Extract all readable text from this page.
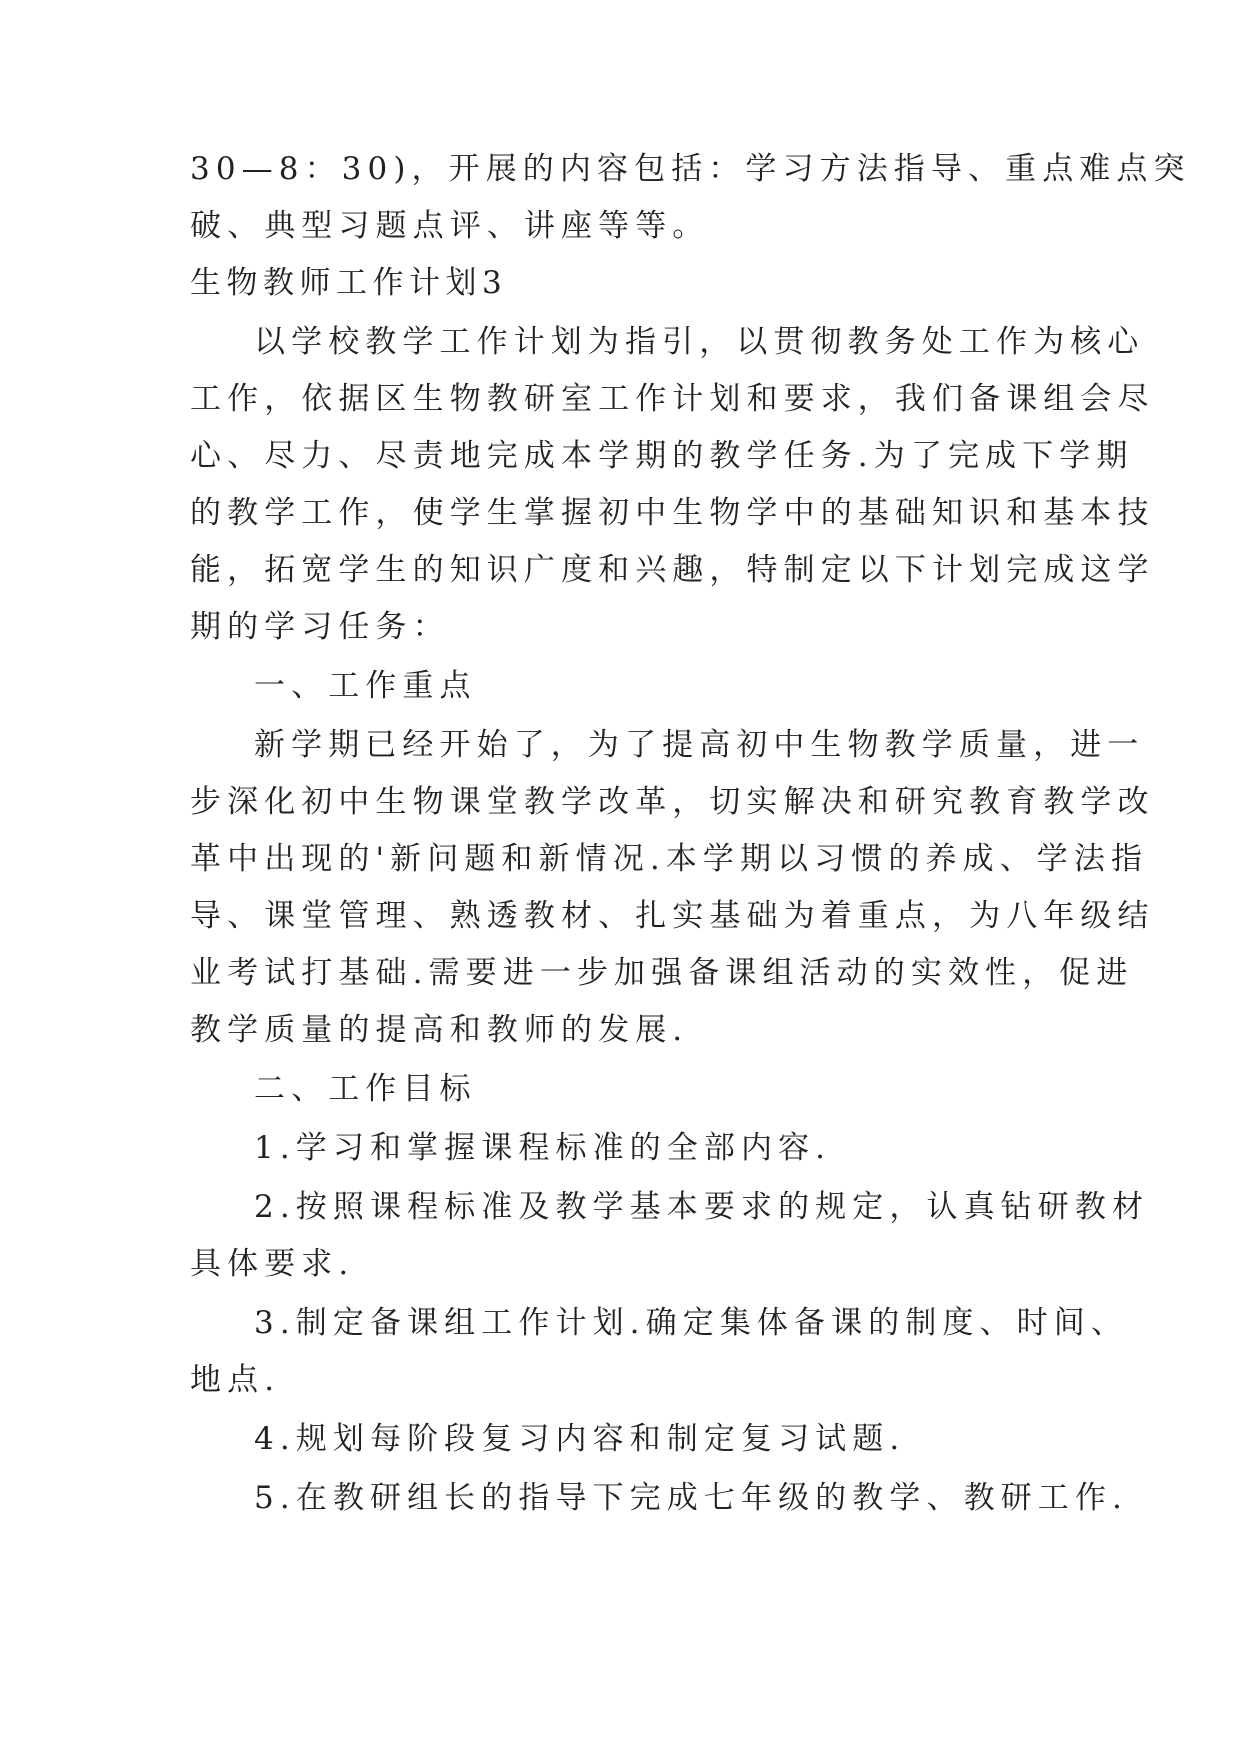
30—8：30)，开展的内容包括：学习方法指导、重点难点突
破、典型习题点评、讲座等等。
生物教师工作计划3
以学校教学工作计划为指引，以贯彻教务处工作为核心
工作，依据区生物教研室工作计划和要求，我们备课组会尽
心、尽力、尽责地完成本学期的教学任务.为了完成下学期
的教学工作，使学生掌握初中生物学中的基础知识和基本技
能，拓宽学生的知识广度和兴趣，特制定以下计划完成这学
期的学习任务：
一、工作重点
新学期已经开始了，为了提高初中生物教学质量，进一
步深化初中生物课堂教学改革，切实解决和研究教育教学改
革中出现的'新问题和新情况.本学期以习惯的养成、学法指
导、课堂管理、熟透教材、扎实基础为着重点，为八年级结
业考试打基础.需要进一步加强备课组活动的实效性，促进
教学质量的提高和教师的发展.
二、工作目标
1.学习和掌握课程标准的全部内容.
2.按照课程标准及教学基本要求的规定，认真钻研教材
具体要求.
3.制定备课组工作计划.确定集体备课的制度、时间、
地点.
4.规划每阶段复习内容和制定复习试题.
5.在教研组长的指导下完成七年级的教学、教研工作.
